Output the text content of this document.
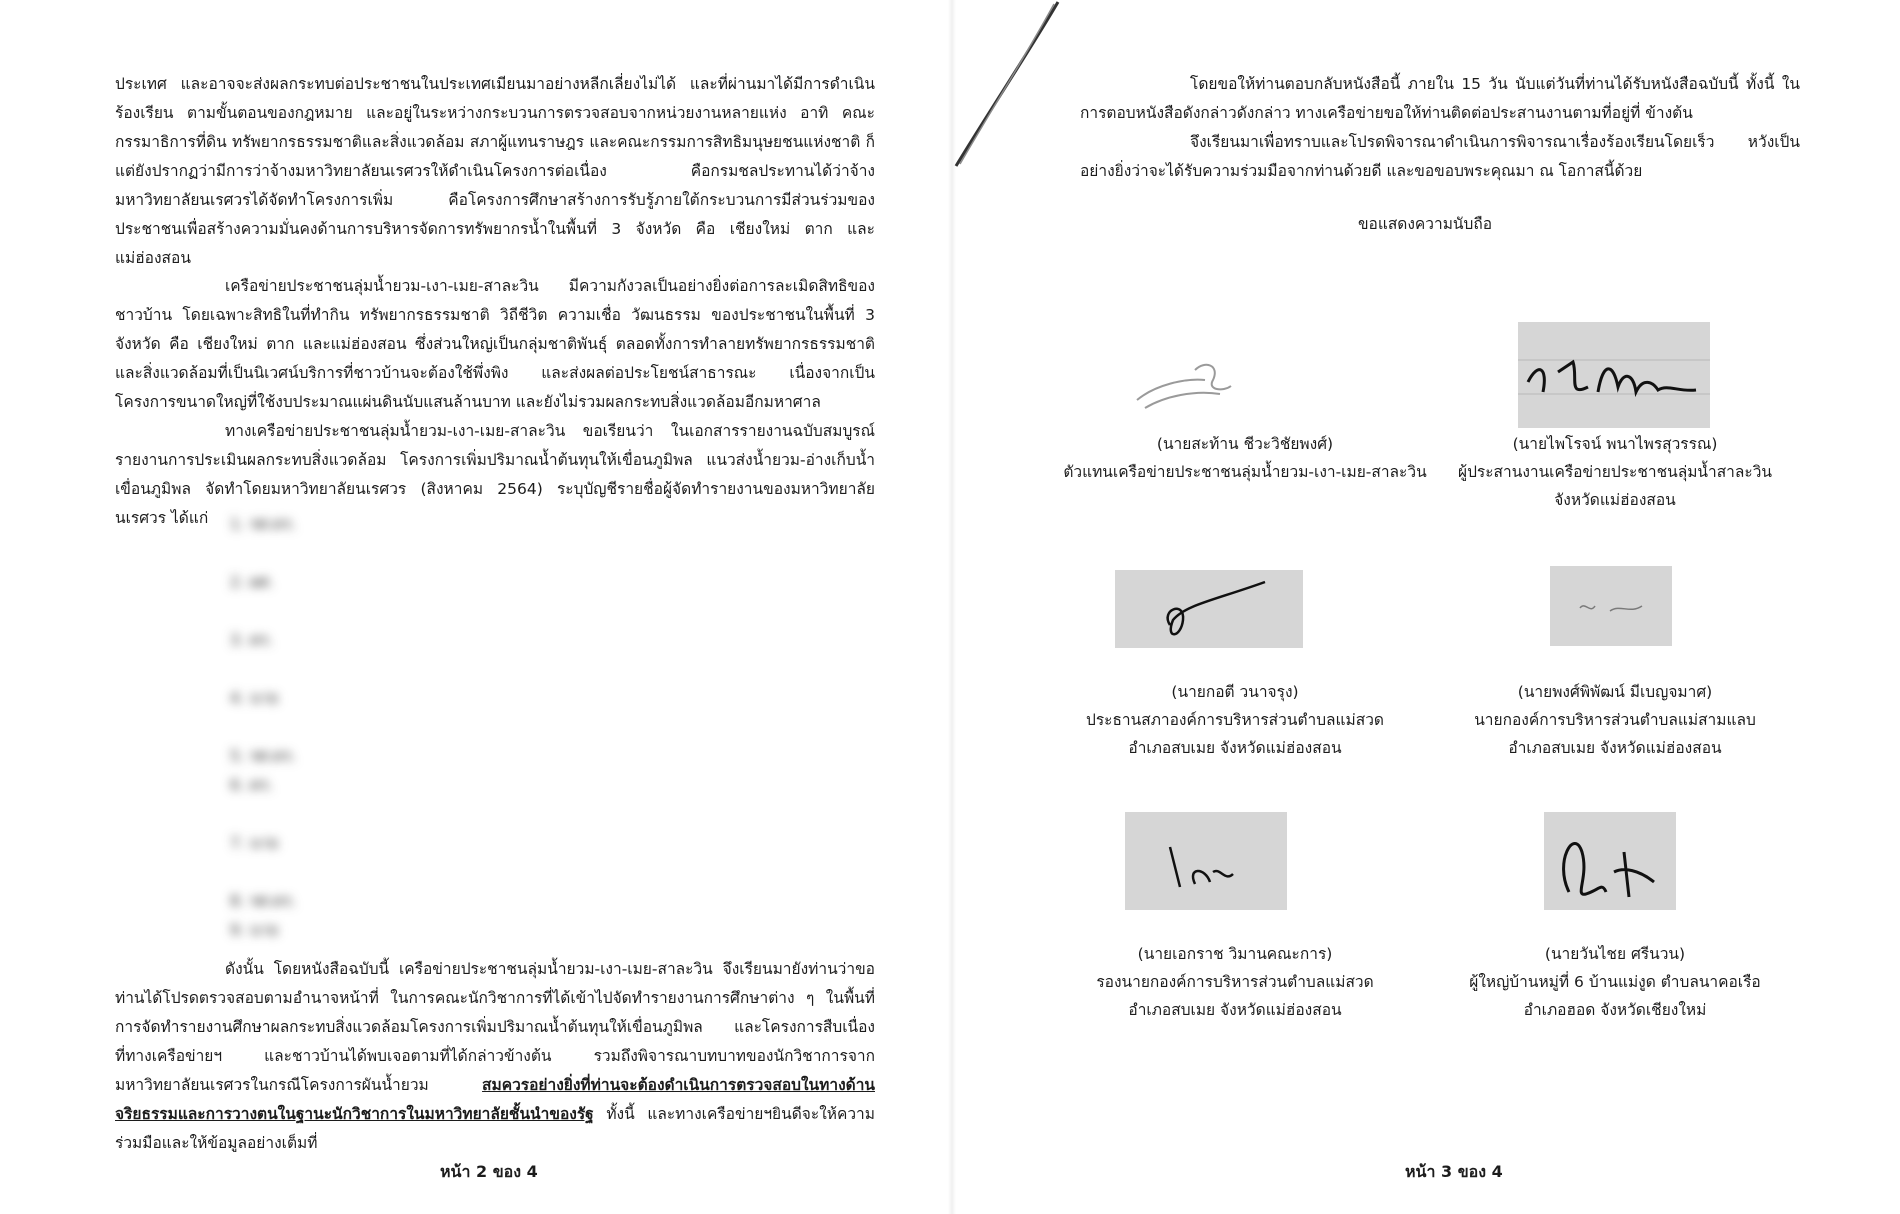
ประเทศ และอาจจะส่งผลกระทบต่อประชาชนในประเทศเมียนมาอย่างหลีกเลี่ยงไม่ได้ และที่ผ่านมาได้มีการดำเนินร้องเรียน ตามขั้นตอนของกฎหมาย และอยู่ในระหว่างกระบวนการตรวจสอบจากหน่วยงานหลายแห่ง อาทิ คณะกรรมาธิการที่ดิน ทรัพยากรธรรมชาติและสิ่งแวดล้อม สภาผู้แทนราษฎร และคณะกรรมการสิทธิมนุษยชนแห่งชาติ ก็แต่ยังปรากฏว่ามีการว่าจ้างมหาวิทยาลัยนเรศวรให้ดำเนินโครงการต่อเนื่อง คือกรมชลประทานได้ว่าจ้างมหาวิทยาลัยนเรศวรได้จัดทำโครงการเพิ่ม คือโครงการศึกษาสร้างการรับรู้ภายใต้กระบวนการมีส่วนร่วมของประชาชนเพื่อสร้างความมั่นคงด้านการบริหารจัดการทรัพยากรน้ำในพื้นที่ 3 จังหวัด คือ เชียงใหม่ ตาก และแม่ฮ่องสอน

เครือข่ายประชาชนลุ่มน้ำยวม-เงา-เมย-สาละวิน มีความกังวลเป็นอย่างยิ่งต่อการละเมิดสิทธิของชาวบ้าน โดยเฉพาะสิทธิในที่ทำกิน ทรัพยากรธรรมชาติ วิถีชีวิต ความเชื่อ วัฒนธรรม ของประชาชนในพื้นที่ 3 จังหวัด คือ เชียงใหม่ ตาก และแม่ฮ่องสอน ซึ่งส่วนใหญ่เป็นกลุ่มชาติพันธุ์ ตลอดทั้งการทำลายทรัพยากรธรรมชาติและสิ่งแวดล้อมที่เป็นนิเวศน์บริการที่ชาวบ้านจะต้องใช้พึ่งพิง และส่งผลต่อประโยชน์สาธารณะ เนื่องจากเป็นโครงการขนาดใหญ่ที่ใช้งบประมาณแผ่นดินนับแสนล้านบาท และยังไม่รวมผลกระทบสิ่งแวดล้อมอีกมหาศาล

ทางเครือข่ายประชาชนลุ่มน้ำยวม-เงา-เมย-สาละวิน ขอเรียนว่า ในเอกสารรายงานฉบับสมบูรณ์ รายงานการประเมินผลกระทบสิ่งแวดล้อม โครงการเพิ่มปริมาณน้ำต้นทุนให้เขื่อนภูมิพล แนวส่งน้ำยวม-อ่างเก็บน้ำเขื่อนภูมิพล จัดทำโดยมหาวิทยาลัยนเรศวร (สิงหาคม 2564) ระบุบัญชีรายชื่อผู้จัดทำรายงานของมหาวิทยาลัยนเรศวร ได้แก่	1. รศ.ดร.

2. ผศ.

3. ดร.

4. นาย

5. รศ.ดร.

6. ดร.

7. นาย

8. รศ.ดร.

9. นาย

ดังนั้น โดยหนังสือฉบับนี้ เครือข่ายประชาชนลุ่มน้ำยวม-เงา-เมย-สาละวิน จึงเรียนมายังท่านว่าขอท่านได้โปรดตรวจสอบตามอำนาจหน้าที่ ในการคณะนักวิชาการที่ได้เข้าไปจัดทำรายงานการศึกษาต่าง ๆ ในพื้นที่ การจัดทำรายงานศึกษาผลกระทบสิ่งแวดล้อมโครงการเพิ่มปริมาณน้ำต้นทุนให้เขื่อนภูมิพล และโครงการสืบเนื่อง ที่ทางเครือข่ายฯ และชาวบ้านได้พบเจอตามที่ได้กล่าวข้างต้น รวมถึงพิจารณาบทบาทของนักวิชาการจากมหาวิทยาลัยนเรศวรในกรณีโครงการผันน้ำยวม	สมควรอย่างยิ่งที่ท่านจะต้องดำเนินการตรวจสอบในทางด้านจริยธรรมและการวางตนในฐานะนักวิชาการในมหาวิทยาลัยชั้นนำของรัฐ ทั้งนี้ และทางเครือข่ายฯยินดีจะให้ความร่วมมือและให้ข้อมูลอย่างเต็มที่

หน้า 2 ของ 4

โดยขอให้ท่านตอบกลับหนังสือนี้ ภายใน 15 วัน นับแต่วันที่ท่านได้รับหนังสือฉบับนี้ ทั้งนี้ ในการตอบหนังสือดังกล่าวดังกล่าว ทางเครือข่ายขอให้ท่านติดต่อประสานงานตามที่อยู่ที่ ข้างต้น

จึงเรียนมาเพื่อทราบและโปรดพิจารณาดำเนินการพิจารณาเรื่องร้องเรียนโดยเร็ว หวังเป็นอย่างยิ่งว่าจะได้รับความร่วมมือจากท่านด้วยดี และขอขอบพระคุณมา ณ โอกาสนี้ด้วย

ขอแสดงความนับถือ

(นายสะท้าน ชีวะวิชัยพงศ์)

ตัวแทนเครือข่ายประชาชนลุ่มน้ำยวม-เงา-เมย-สาละวิน

(นายไพโรจน์ พนาไพรสุวรรณ)

ผู้ประสานงานเครือข่ายประชาชนลุ่มน้ำสาละวิน

จังหวัดแม่ฮ่องสอน

(นายกอตี วนาจรุง)

ประธานสภาองค์การบริหารส่วนตำบลแม่สวด

อำเภอสบเมย จังหวัดแม่ฮ่องสอน

(นายพงศ์พิพัฒน์ มีเบญจมาศ)

นายกองค์การบริหารส่วนตำบลแม่สามแลบ

อำเภอสบเมย จังหวัดแม่ฮ่องสอน

(นายเอกราช วิมานคณะการ)

รองนายกองค์การบริหารส่วนตำบลแม่สวด

อำเภอสบเมย จังหวัดแม่ฮ่องสอน

(นายวันไชย ศรีนวน)

ผู้ใหญ่บ้านหมู่ที่ 6 บ้านแม่งูด ตำบลนาคอเรือ

อำเภอฮอด จังหวัดเชียงใหม่

หน้า 3 ของ 4
